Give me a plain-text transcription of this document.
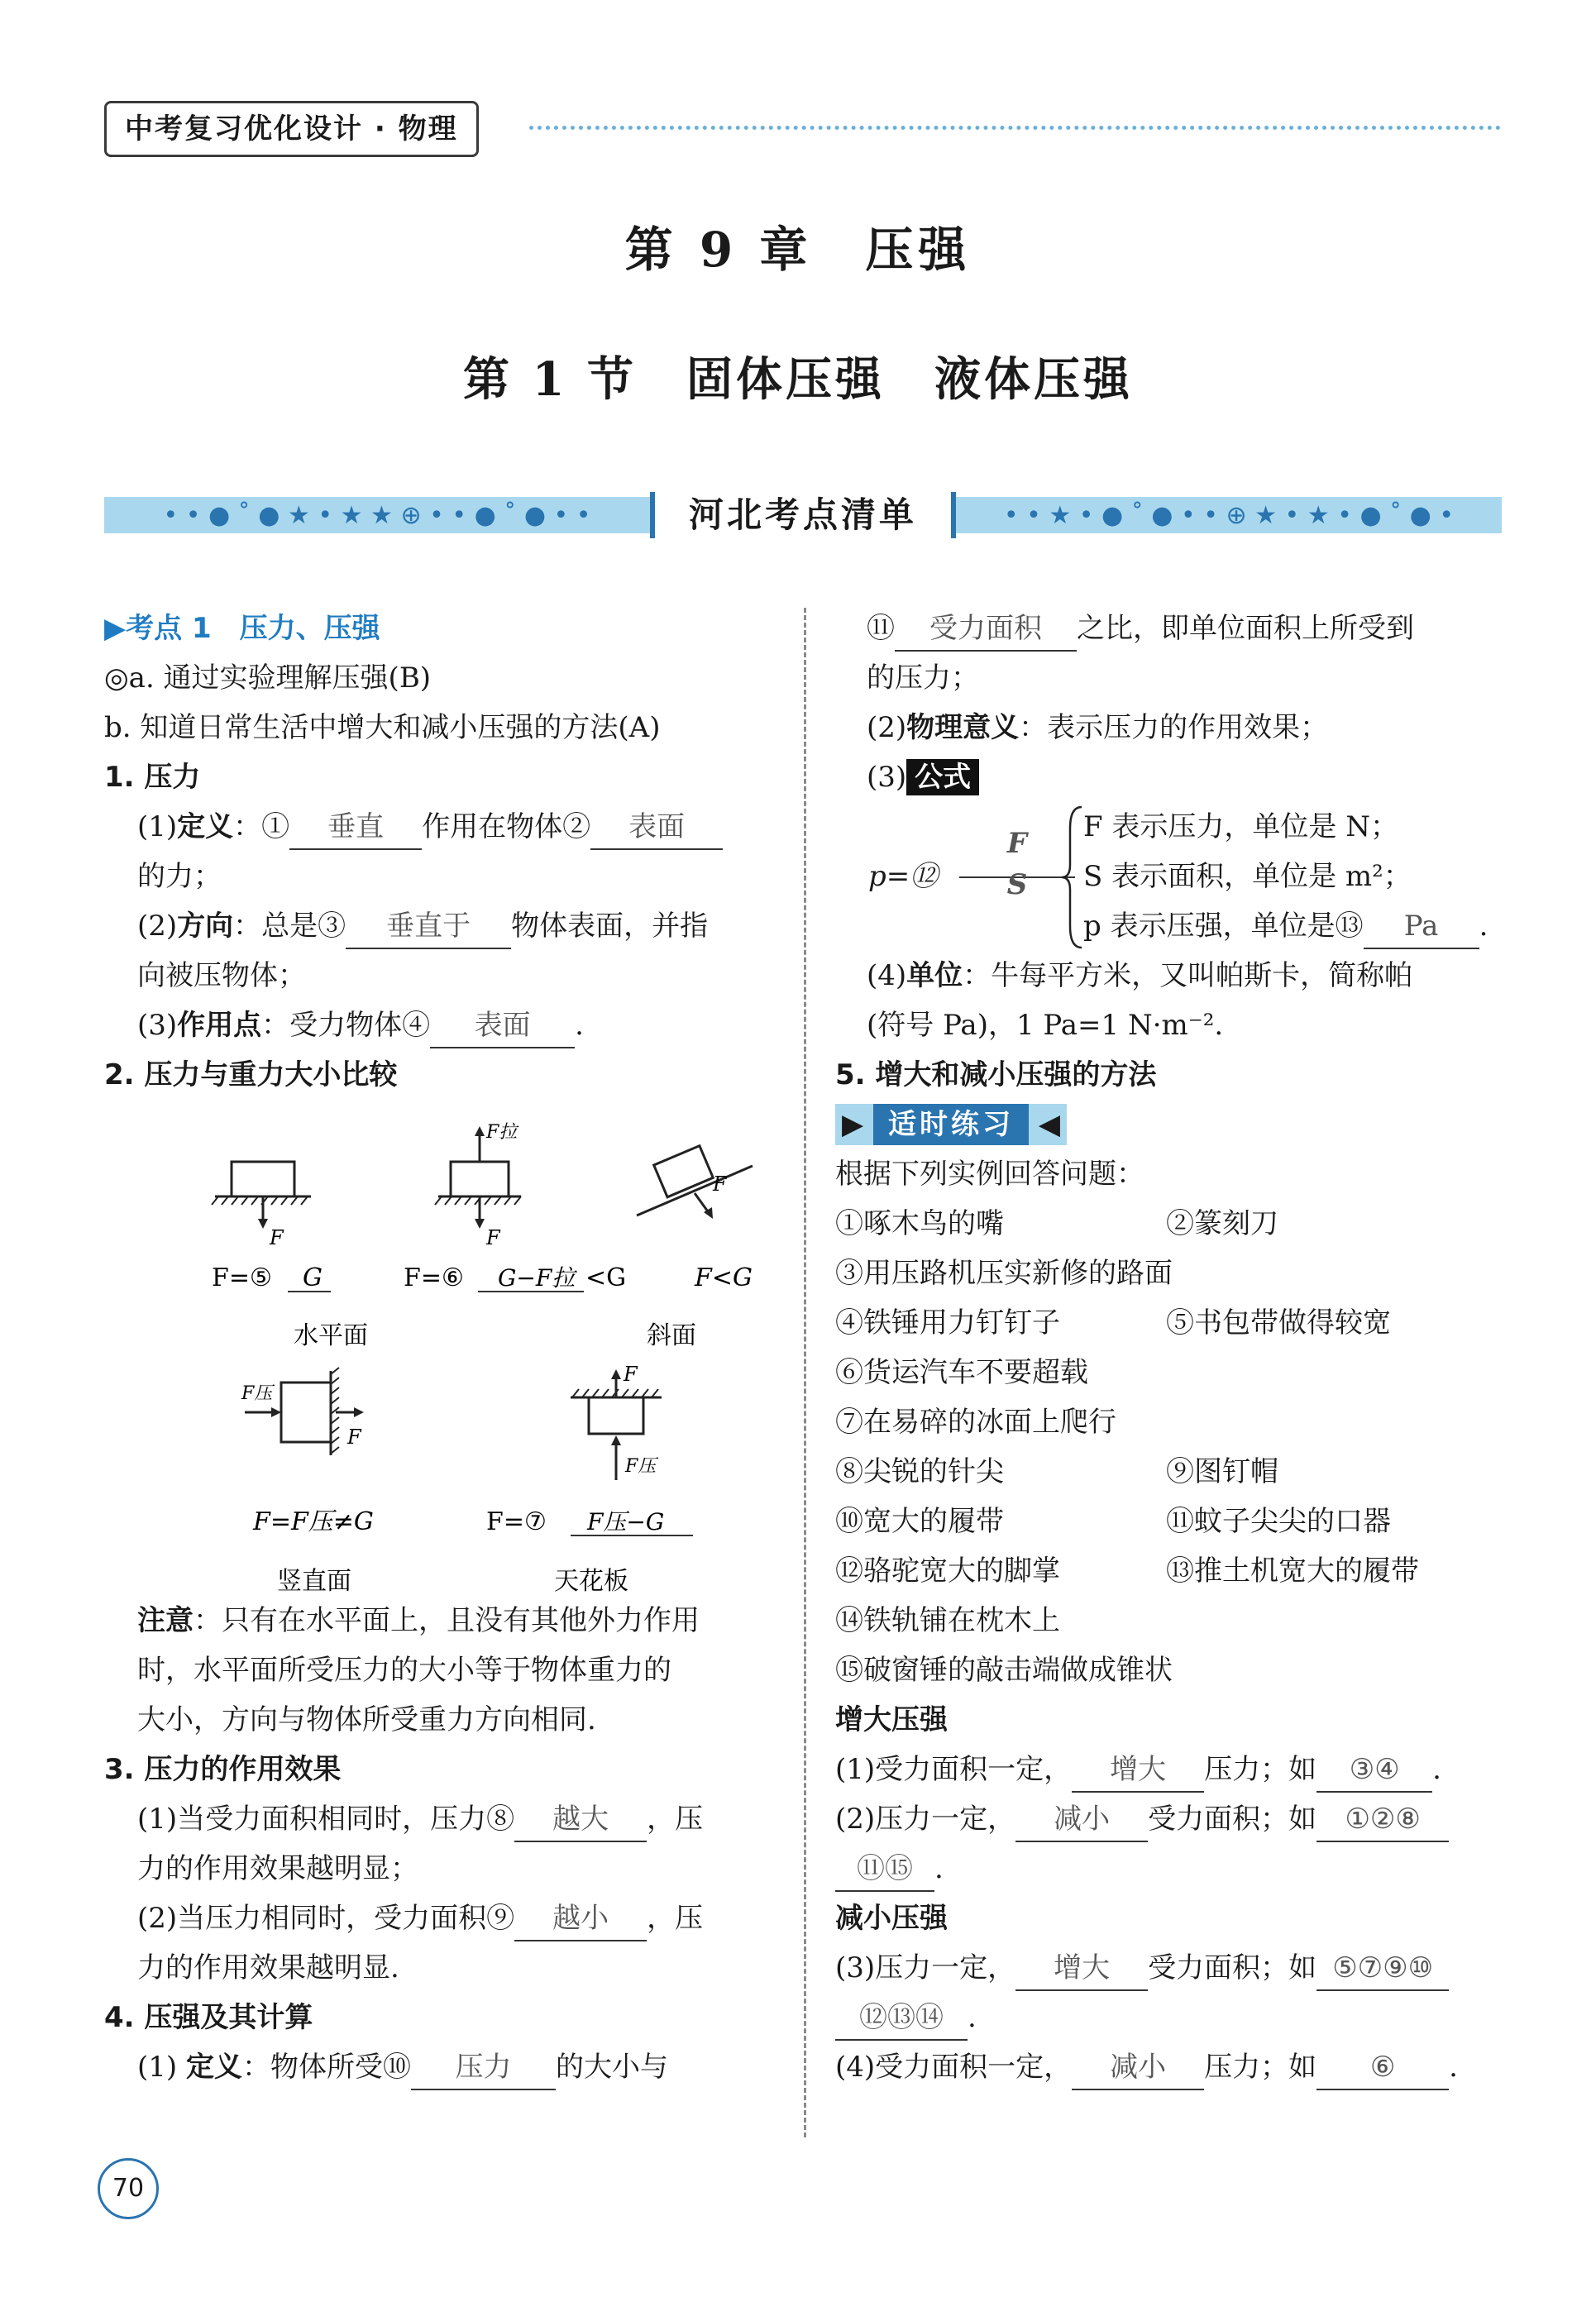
中考复习优化设计 · 物理
第 9 章　压强
第 1 节　固体压强　液体压强
• • ● ˚ ● ★ • ★ ★ ⊕ • • ● ˚ ● • •	河北考点清单	• • ★ • ● ˚ ● • • ⊕ ★ • ★ • ● ˚ ● •
▶考点 1　压力、压强
◎a. 通过实验理解压强(B)
b. 知道日常生活中增大和减小压强的方法(A)
1. 压力
(1)定义：① 垂直 作用在物体② 表面
的力；
(2)方向：总是③ 垂直于 物体表面，并指
向被压物体；
(3)作用点：受力物体④ 表面 .
2. 压力与重力大小比较
注意：只有在水平面上，且没有其他外力作用
时，水平面所受压力的大小等于物体重力的
大小，方向与物体所受重力方向相同.
3. 压力的作用效果
(1)当受力面积相同时，压力⑧ 越大 ，压
力的作用效果越明显；
(2)当压力相同时，受力面积⑨ 越小 ，压
力的作用效果越明显.
4. 压强及其计算
(1) 定义：物体所受⑩ 压力 的大小与
F	F
F拉
F
F=⑤ G	F=⑥ G−F拉 <G	F<G
水平面	斜面
F压
F
F
F压
F=F压≠G	F=⑦ F压−G
竖直面	天花板
⑪ 受力面积 之比，即单位面积上所受到
的压力；
(2)物理意义：表示压力的作用效果；
(3) 公式
p=⑫
F
S
F 表示压力，单位是 N；
S 表示面积，单位是 m²；
p 表示压强，单位是⑬ Pa .
(4)单位：牛每平方米，又叫帕斯卡，简称帕
(符号 Pa)，1 Pa=1 N·m⁻².
5. 增大和减小压强的方法
▶ 适时练习 ◀
根据下列实例回答问题：
①啄木鸟的嘴	②篆刻刀
③用压路机压实新修的路面
④铁锤用力钉钉子	⑤书包带做得较宽
⑥货运汽车不要超载
⑦在易碎的冰面上爬行
⑧尖锐的针尖	⑨图钉帽
⑩宽大的履带	⑪蚊子尖尖的口器
⑫骆驼宽大的脚掌	⑬推土机宽大的履带
⑭铁轨铺在枕木上
⑮破窗锤的敲击端做成锥状
增大压强
(1)受力面积一定， 增大 压力；如 ③④ .
(2)压力一定， 减小 受力面积；如 ①②⑧
⑪⑮ .
减小压强
(3)压力一定， 增大 受力面积；如 ⑤⑦⑨⑩
⑫⑬⑭ .
(4)受力面积一定， 减小 压力；如 ⑥ .
70
